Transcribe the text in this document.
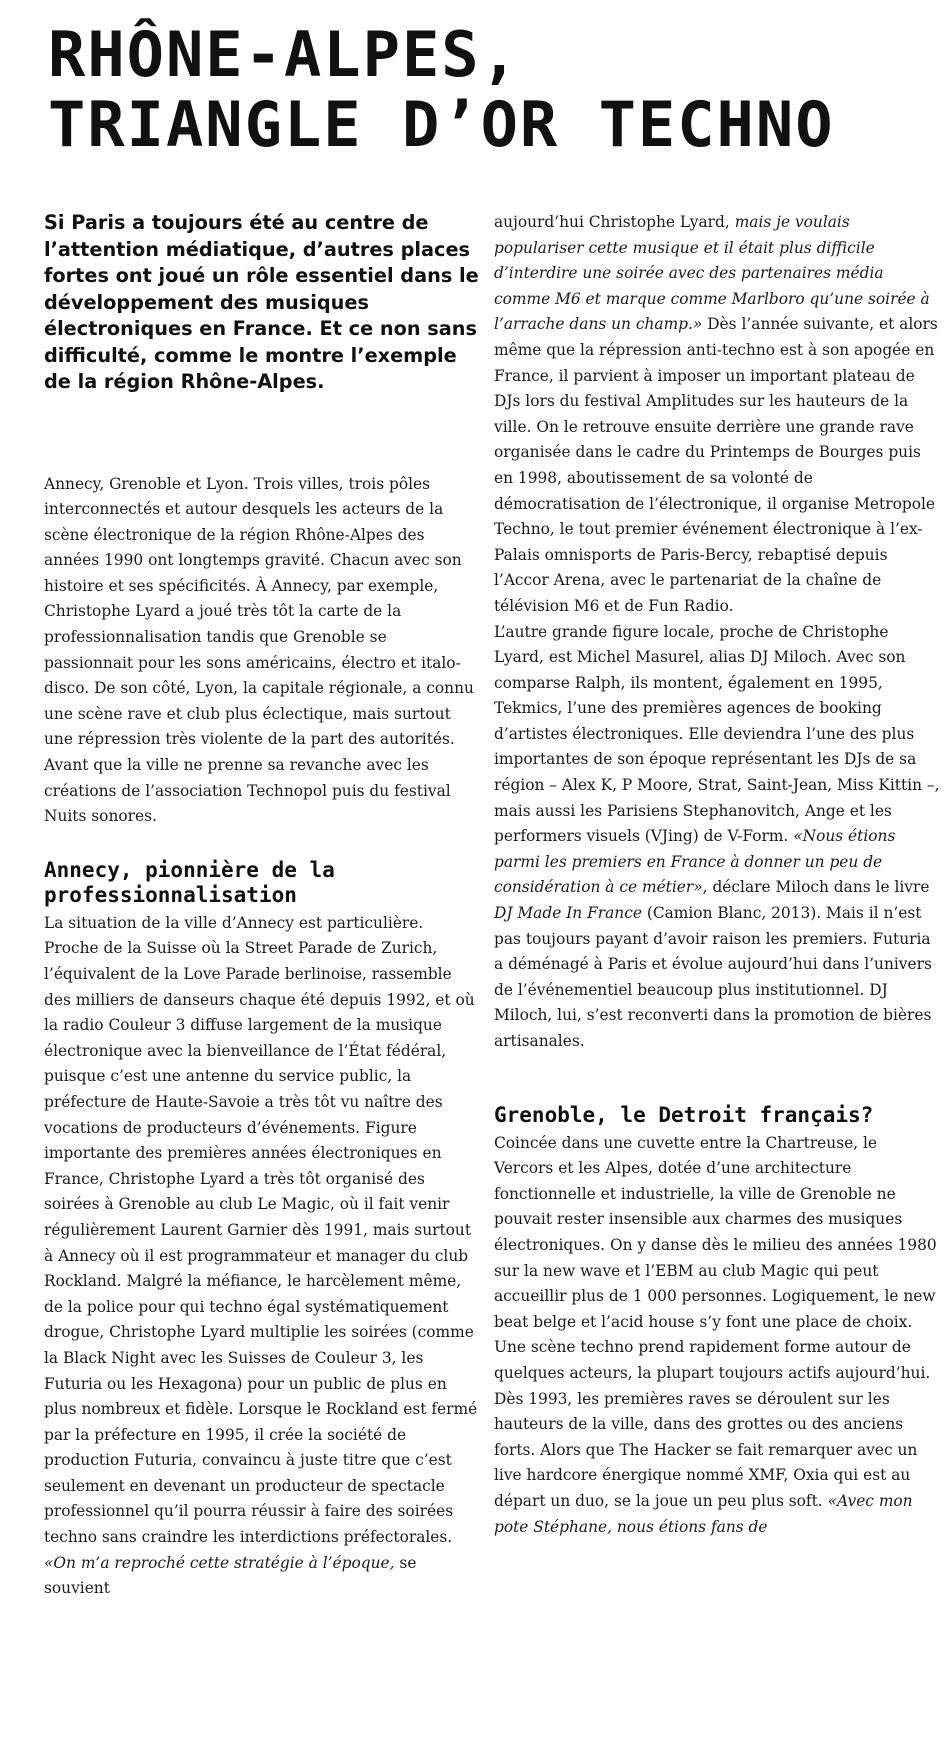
RHÔNE-ALPES,
TRIANGLE D’OR TECHNO

Si Paris a toujours été au centre de l’attention médiatique, d’autres places fortes ont joué un rôle essentiel dans le développement des musiques électroniques en France. Et ce non sans difficulté, comme le montre l’exemple de la région Rhône-Alpes.

Annecy, Grenoble et Lyon. Trois villes, trois pôles interconnectés et autour desquels les acteurs de la scène électronique de la région Rhône-Alpes des années 1990 ont longtemps gravité. Chacun avec son histoire et ses spécificités. À Annecy, par exemple, Christophe Lyard a joué très tôt la carte de la professionnalisation tandis que Grenoble se passionnait pour les sons américains, électro et italo-disco. De son côté, Lyon, la capitale régionale, a connu une scène rave et club plus éclectique, mais surtout une répression très violente de la part des autorités. Avant que la ville ne prenne sa revanche avec les créations de l’association Technopol puis du festival Nuits sonores.

Annecy, pionnière de la professionnalisation

La situation de la ville d’Annecy est particulière. Proche de la Suisse où la Street Parade de Zurich, l’équivalent de la Love Parade berlinoise, rassemble des milliers de danseurs chaque été depuis 1992, et où la radio Couleur 3 diffuse largement de la musique électronique avec la bienveillance de l’État fédéral, puisque c’est une antenne du service public, la préfecture de Haute-Savoie a très tôt vu naître des vocations de producteurs d’événements. Figure importante des premières années électroniques en France, Christophe Lyard a très tôt organisé des soirées à Grenoble au club Le Magic, où il fait venir régulièrement Laurent Garnier dès 1991, mais surtout à Annecy où il est programmateur et manager du club Rockland. Malgré la méfiance, le harcèlement même, de la police pour qui techno égal systématiquement drogue, Christophe Lyard multiplie les soirées (comme la Black Night avec les Suisses de Couleur 3, les Futuria ou les Hexagona) pour un public de plus en plus nombreux et fidèle. Lorsque le Rockland est fermé par la préfecture en 1995, il crée la société de production Futuria, convaincu à juste titre que c’est seulement en devenant un producteur de spectacle professionnel qu’il pourra réussir à faire des soirées techno sans craindre les interdictions préfectorales. «On m’a reproché cette stratégie à l’époque, se souvient

aujourd’hui Christophe Lyard, mais je voulais populariser cette musique et il était plus difficile d’interdire une soirée avec des partenaires média comme M6 et marque comme Marlboro qu’une soirée à l’arrache dans un champ.» Dès l’année suivante, et alors même que la répression anti-techno est à son apogée en France, il parvient à imposer un important plateau de DJs lors du festival Amplitudes sur les hauteurs de la ville. On le retrouve ensuite derrière une grande rave organisée dans le cadre du Printemps de Bourges puis en 1998, aboutissement de sa volonté de démocratisation de l’électronique, il organise Metropole Techno, le tout premier événement électronique à l’ex-Palais omnisports de Paris-Bercy, rebaptisé depuis l’Accor Arena, avec le partenariat de la chaîne de télévision M6 et de Fun Radio.

L’autre grande figure locale, proche de Christophe Lyard, est Michel Masurel, alias DJ Miloch. Avec son comparse Ralph, ils montent, également en 1995, Tekmics, l’une des premières agences de booking d’artistes électroniques. Elle deviendra l’une des plus importantes de son époque représentant les DJs de sa région – Alex K, P Moore, Strat, Saint-Jean, Miss Kittin –, mais aussi les Parisiens Stephanovitch, Ange et les performers visuels (VJing) de V-Form. «Nous étions parmi les premiers en France à donner un peu de considération à ce métier», déclare Miloch dans le livre DJ Made In France (Camion Blanc, 2013). Mais il n’est pas toujours payant d’avoir raison les premiers. Futuria a déménagé à Paris et évolue aujourd’hui dans l’univers de l’événementiel beaucoup plus institutionnel. DJ Miloch, lui, s’est reconverti dans la promotion de bières artisanales.

Grenoble, le Detroit français?

Coincée dans une cuvette entre la Chartreuse, le Vercors et les Alpes, dotée d’une architecture fonctionnelle et industrielle, la ville de Grenoble ne pouvait rester insensible aux charmes des musiques électroniques. On y danse dès le milieu des années 1980 sur la new wave et l’EBM au club Magic qui peut accueillir plus de 1 000 personnes. Logiquement, le new beat belge et l’acid house s’y font une place de choix. Une scène techno prend rapidement forme autour de quelques acteurs, la plupart toujours actifs aujourd’hui. Dès 1993, les premières raves se déroulent sur les hauteurs de la ville, dans des grottes ou des anciens forts. Alors que The Hacker se fait remarquer avec un live hardcore énergique nommé XMF, Oxia qui est au départ un duo, se la joue un peu plus soft. «Avec mon pote Stéphane, nous étions fans de
